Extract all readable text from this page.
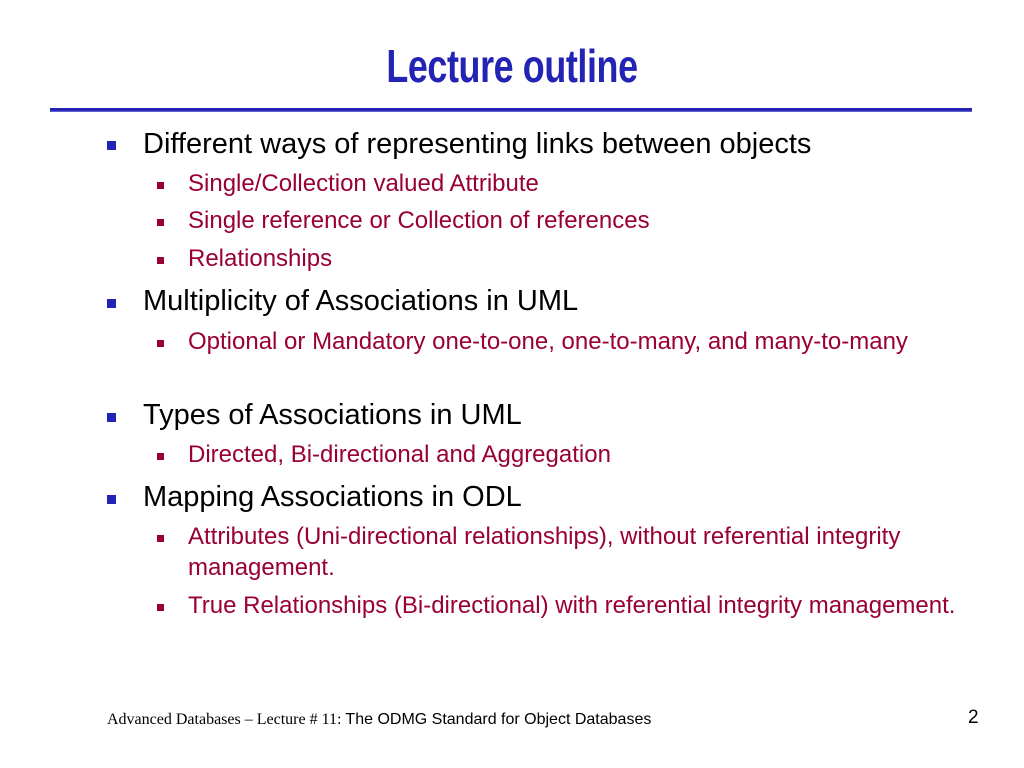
Lecture outline
Different ways of representing links between objects
Single/Collection valued Attribute
Single reference or Collection of references
Relationships
Multiplicity of Associations in UML
Optional or Mandatory one-to-one, one-to-many, and many-to-many
Types of Associations in UML
Directed, Bi-directional and Aggregation
Mapping Associations in ODL
Attributes (Uni-directional relationships), without referential integrity management.
True Relationships (Bi-directional) with referential integrity management.
Advanced Databases – Lecture # 11: The ODMG Standard for Object Databases	2
